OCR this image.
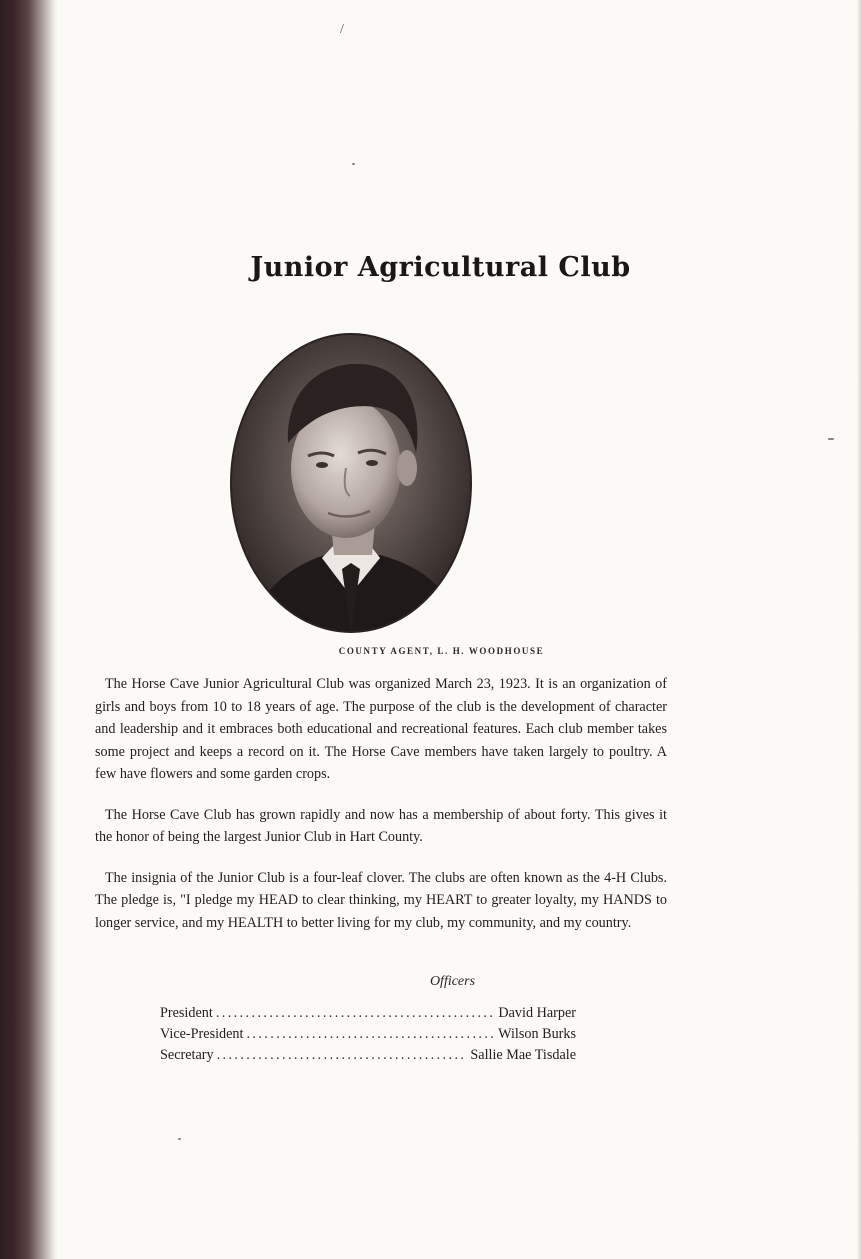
/
Junior Agricultural Club
COUNTY AGENT, L. H. WOODHOUSE

The Horse Cave Junior Agricultural Club was organized March 23, 1923. It is an organization of girls and boys from 10 to 18 years of age. The purpose of the club is the development of character and leadership and it embraces both educational and recreational features. Each club member takes some project and keeps a record on it. The Horse Cave members have taken largely to poultry. A few have flowers and some garden crops.

The Horse Cave Club has grown rapidly and now has a membership of about forty. This gives it the honor of being the largest Junior Club in Hart County.

The insignia of the Junior Club is a four-leaf clover. The clubs are often known as the 4-H Clubs. The pledge is, "I pledge my HEAD to clear thinking, my HEART to greater loyalty, my HANDS to longer service, and my HEALTH to better living for my club, my community, and my country.

Officers
President .....	David Harper
Vice-President .....	Wilson Burks
Secretary .....	Sallie Mae Tisdale
